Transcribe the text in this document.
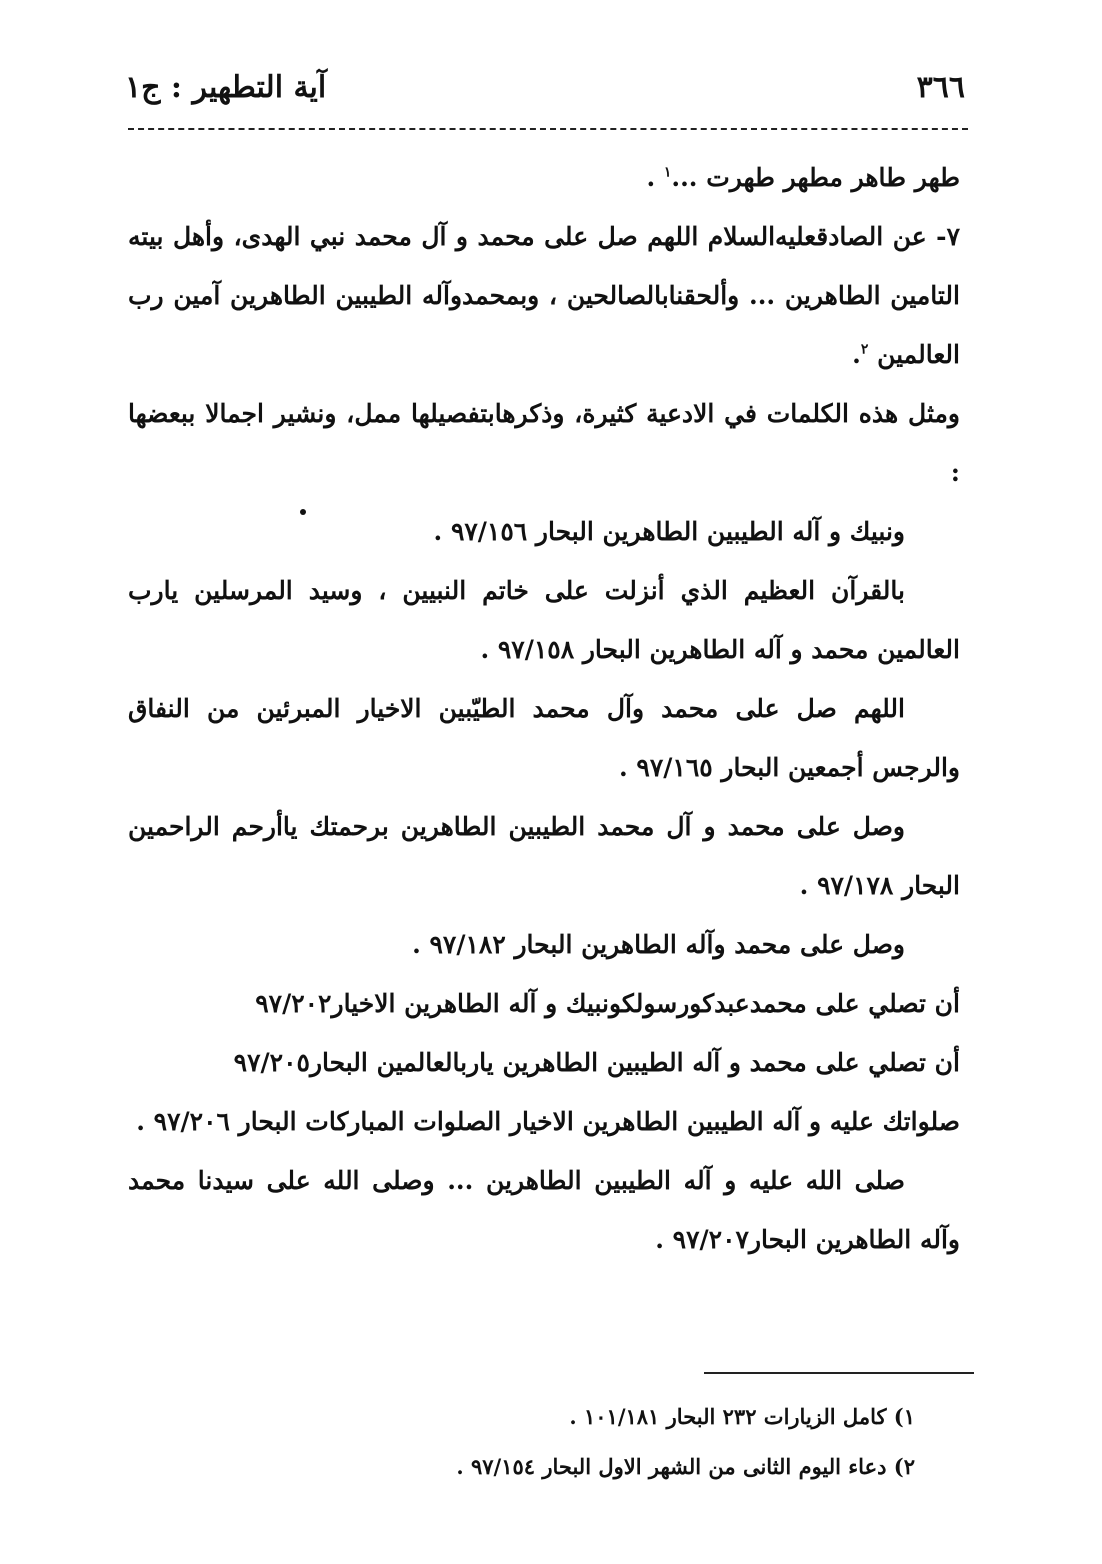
٣٦٦
آية التطهير : ج١

طهر طاهر مطهر طهرت ...$^١$ .

٧- عن الصادقعليه‌السلام اللهم صل على محمد و آل محمد نبي الهدى، وأهل بيته التامين الطاهرين ... وألحقنابالصالحين ، وبمحمدوآله الطيبين الطاهرين آمين رب العالمين $^٢$.

ومثل هذه الكلمات في الادعية كثيرة، وذكرهابتفصيلها ممل، ونشير اجمالا ببعضها :

ونبيك و آله الطيبين الطاهرين البحار ٩٧/١٥٦ .

بالقرآن العظيم الذي أنزلت على خاتم النبيين ، وسيد المرسلين يارب العالمين محمد و آله الطاهرين البحار ٩٧/١٥٨ .

اللهم صل على محمد وآل محمد الطيّبين الاخيار المبرئين من النفاق والرجس أجمعين البحار ٩٧/١٦٥ .

وصل على محمد و آل محمد الطيبين الطاهرين برحمتك ياأرحم الراحمين البحار ٩٧/١٧٨ .

وصل على محمد وآله الطاهرين البحار ٩٧/١٨٢ .

أن تصلي على محمدعبدكورسولكونبيك و آله الطاهرين الاخيار٩٧/٢٠٢

أن تصلي على محمد و آله الطيبين الطاهرين ياربالعالمين البحار٩٧/٢٠٥

صلواتك عليه و آله الطيبين الطاهرين الاخيار الصلوات المباركات البحار ٩٧/٢٠٦ .

صلى الله عليه و آله الطيبين الطاهرين ... وصلى الله على سيدنا محمد وآله الطاهرين البحار٩٧/٢٠٧ .

١) كامل الزيارات ٢٣٢ البحار ١٠١/١٨١ .

٢) دعاء اليوم الثانى من الشهر الاول البحار ٩٧/١٥٤ .
